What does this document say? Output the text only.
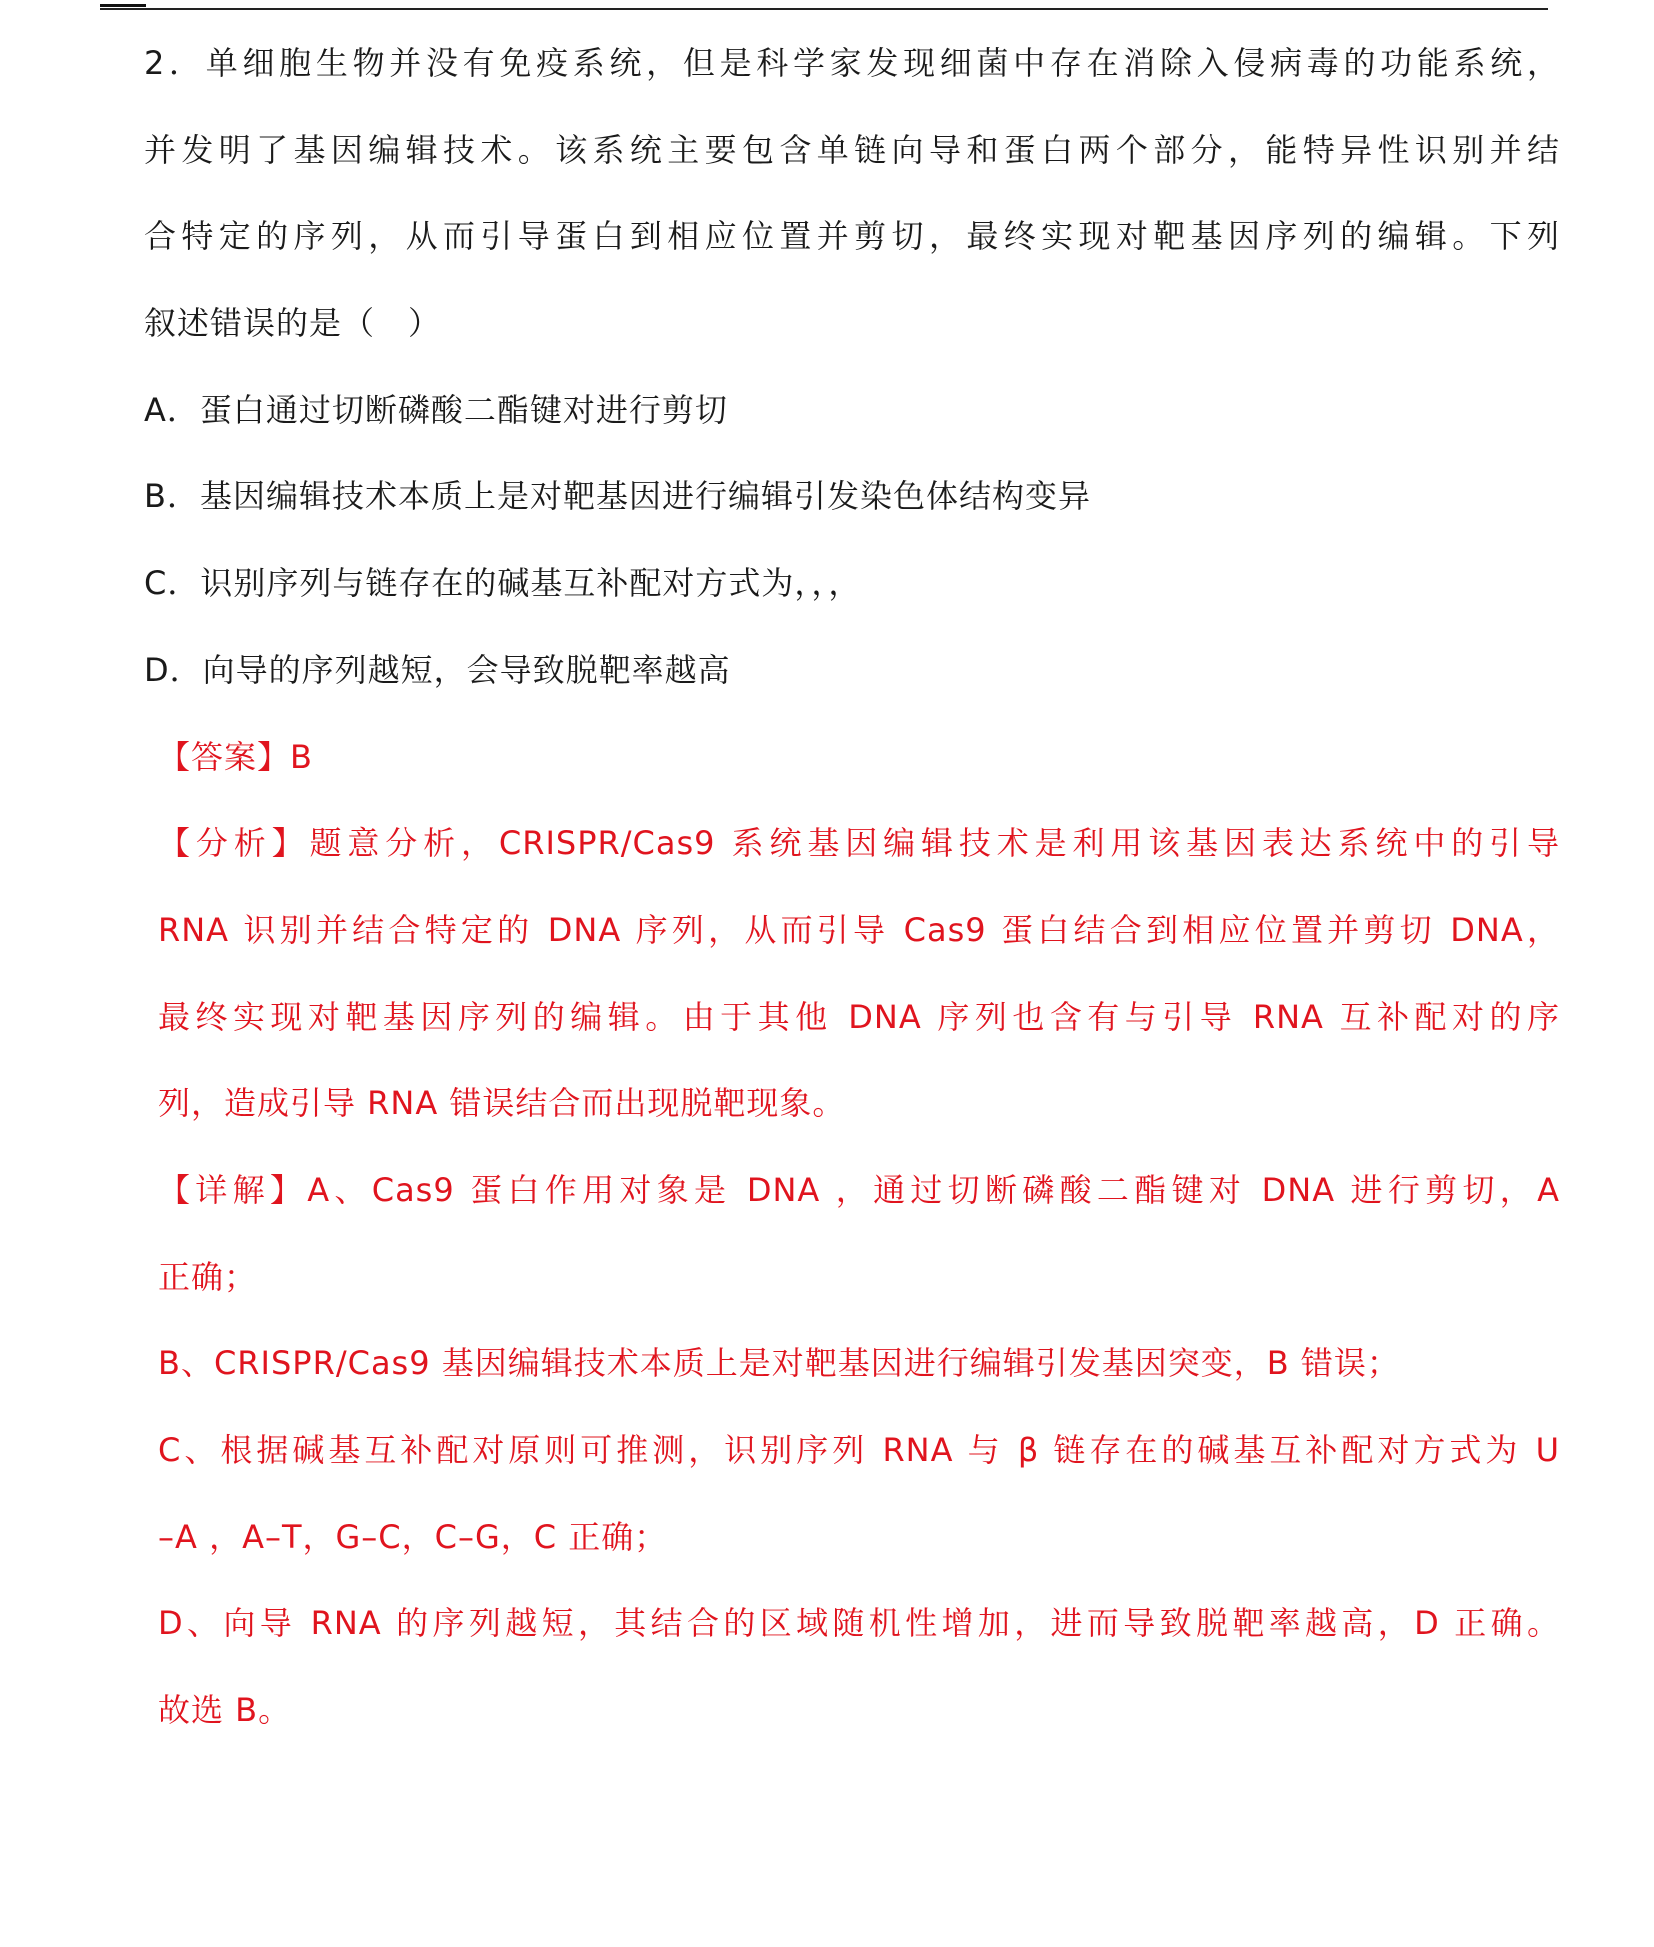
2．单细胞生物并没有免疫系统，但是科学家发现细菌中存在消除入侵病毒的功能系统，
并发明了基因编辑技术。该系统主要包含单链向导和蛋白两个部分，能特异性识别并结
合特定的序列，从而引导蛋白到相应位置并剪切，最终实现对靶基因序列的编辑。下列
叙述错误的是（　）
A．蛋白通过切断磷酸二酯键对进行剪切
B．基因编辑技术本质上是对靶基因进行编辑引发染色体结构变异
C．识别序列与链存在的碱基互补配对方式为，，，
D．向导的序列越短，会导致脱靶率越高
【答案】B
【分析】题意分析，CRISPR/Cas9 系统基因编辑技术是利用该基因表达系统中的引导
RNA 识别并结合特定的 DNA 序列，从而引导 Cas9 蛋白结合到相应位置并剪切 DNA，
最终实现对靶基因序列的编辑。由于其他 DNA 序列也含有与引导 RNA 互补配对的序
列，造成引导 RNA 错误结合而出现脱靶现象。
【详解】A、Cas9 蛋白作用对象是 DNA ，通过切断磷酸二酯键对 DNA 进行剪切，A
正确；
B、CRISPR/Cas9 基因编辑技术本质上是对靶基因进行编辑引发基因突变，B 错误；
C、根据碱基互补配对原则可推测，识别序列 RNA 与 β 链存在的碱基互补配对方式为 U
–A ，A–T，G–C，C–G，C 正确；
D、向导 RNA 的序列越短，其结合的区域随机性增加，进而导致脱靶率越高，D 正确。
故选 B。
